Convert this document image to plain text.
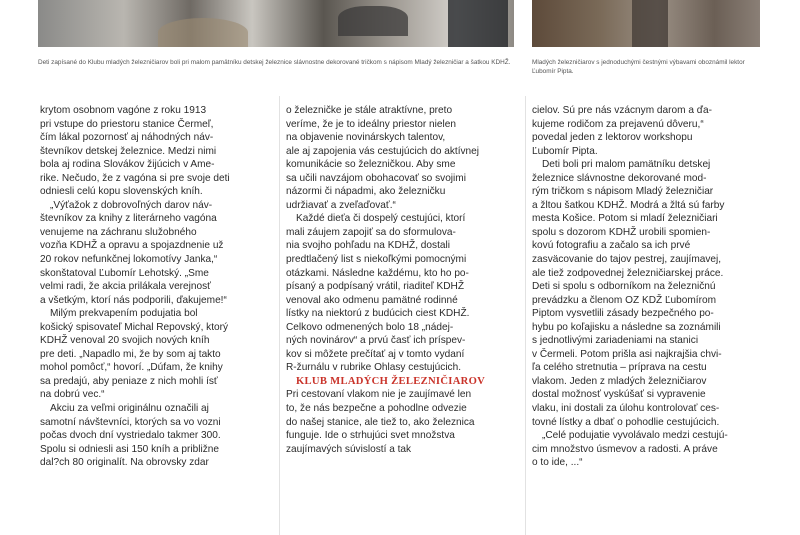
Deti zapísané do Klubu mladých železničiarov boli pri malom pamätníku detskej železnice slávnostne dekorované tričkom s nápisom Mladý železničiar a šatkou KDHŽ.	Mladých železničiarov s jednoduchými čestnými výbavami oboznámil lektor Ľubomír Pipta.

krytom osobnom vagóne z roku 1913
pri vstupe do priestoru stanice Čermeľ,
čím lákal pozornosť aj náhodných náv-
števníkov detskej železnice. Medzi nimi
bola aj rodina Slovákov žijúcich v Ame-
rike. Nečudo, že z vagóna si pre svoje deti
odniesli celú kopu slovenských kníh.

„Výťažok z dobrovoľných darov náv-
števníkov za knihy z literárneho vagóna
venujeme na záchranu služobného
vozňa KDHŽ a opravu a spojazdnenie už
20 rokov nefunkčnej lokomotívy Janka,“
skonštatoval Ľubomír Lehotský. „Sme
velmi radi, že akcia prilákala verejnosť
a všetkým, ktorí nás podporili, ďakujeme!“

Milým prekvapením podujatia bol
košický spisovateľ Michal Repovský, ktorý
KDHŽ venoval 20 svojich nových kníh
pre deti. „Napadlo mi, že by som aj takto
mohol pomôcť,“ hovorí. „Dúfam, že knihy
sa predajú, aby peniaze z nich mohli ísť
na dobrú vec.“

Akciu za veľmi originálnu označili aj
samotní návštevníci, ktorých sa vo vozni
počas dvoch dní vystriedalo takmer 300.
Spolu si odniesli asi 150 kníh a približne
dal?ch 80 originalít. Na obrovsky zdar

o železničke je stále atraktívne, preto
veríme, že je to ideálny priestor nielen
na objavenie novinárskych talentov,
ale aj zapojenia vás cestujúcich do aktívnej
komunikácie so železničkou. Aby sme
sa učili navzájom obohacovať so svojimi
názormi či nápadmi, ako železničku
udržiavať a zveľaďovať.“

Každé dieťa či dospelý cestujúci, ktorí
mali záujem zapojiť sa do sformulova-
nia svojho pohľadu na KDHŽ, dostali
predtlačený list s niekoľkými pomocnými
otázkami. Následne každému, kto ho po-
písaný a podpísaný vrátil, riaditeľ KDHŽ
venoval ako odmenu pamätné rodinné
lístky na niektorú z budúcich ciest KDHŽ.
Celkovo odmenených bolo 18 „nádej-
ných novinárov“ a prvú časť ich príspev-
kov si môžete prečítať aj v tomto vydaní
R-žurnálu v rubrike Ohlasy cestujúcich.

KLUB MLADÝCH ŽELEZNIČIAROV

Pri cestovaní vlakom nie je zaujímavé len
to, že nás bezpečne a pohodlne odvezie
do našej stanice, ale tiež to, ako železnica
funguje. Ide o strhujúci svet množstva
zaujímavých súvislostí a tak

cielov. Sú pre nás vzácnym darom a ďa-
kujeme rodičom za prejavenú dôveru,“
povedal jeden z lektorov workshopu
Ľubomír Pipta.

Deti boli pri malom pamätníku detskej
železnice slávnostne dekorované mod-
rým tričkom s nápisom Mladý železničiar
a žltou šatkou KDHŽ. Modrá a žltá sú farby
mesta Košice. Potom si mladí železničiari
spolu s dozorom KDHŽ urobili spomien-
kovú fotografiu a začalo sa ich prvé
zasväcovanie do tajov pestrej, zaujímavej,
ale tiež zodpovednej železničiarskej práce.
Deti si spolu s odborníkom na železničnú
prevádzku a členom OZ KDŽ Ľubomírom
Piptom vysvetlili zásady bezpečného po-
hybu po koľajisku a následne sa zoznámili
s jednotlivými zariadeniami na stanici
v Čermeli. Potom prišla asi najkrajšia chvi-
ľa celého stretnutia – príprava na cestu
vlakom. Jeden z mladých železničiarov
dostal možnosť vyskúšať si vypravenie
vlaku, ini dostali za úlohu kontrolovať ces-
tovné lístky a dbať o pohodlie cestujúcich.

„Celé podujatie vyvolávalo medzi cestujú-
cim množstvo úsmevov a radosti. A práve
o to ide, ...“
